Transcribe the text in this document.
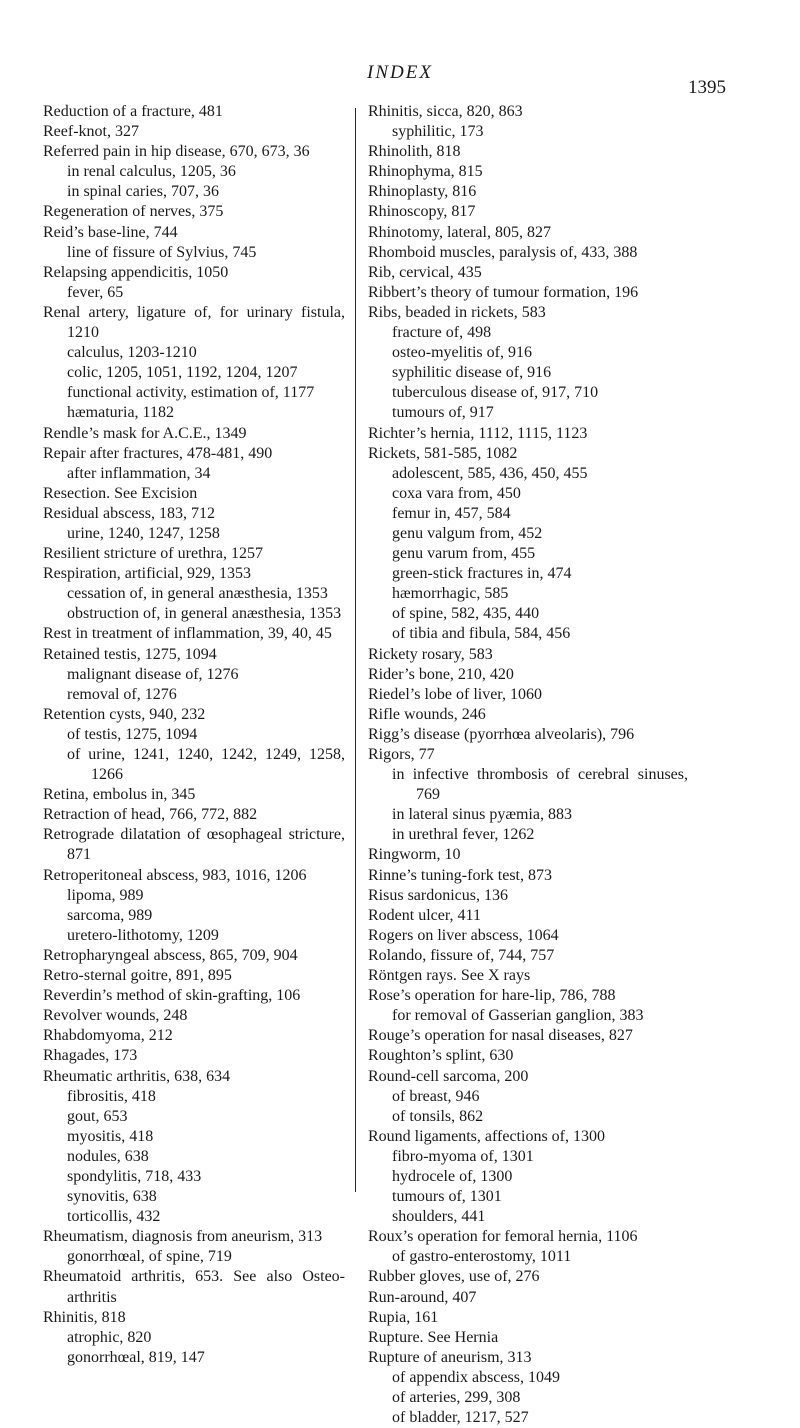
INDEX
1395
Reduction of a fracture, 481
Reef-knot, 327
Referred pain in hip disease, 670, 673, 36
in renal calculus, 1205, 36
in spinal caries, 707, 36
Regeneration of nerves, 375
Reid’s base-line, 744
line of fissure of Sylvius, 745
Relapsing appendicitis, 1050
fever, 65
Renal artery, ligature of, for urinary fistula, 1210
calculus, 1203-1210
colic, 1205, 1051, 1192, 1204, 1207
functional activity, estimation of, 1177
hæmaturia, 1182
Rendle’s mask for A.C.E., 1349
Repair after fractures, 478-481, 490
after inflammation, 34
Resection. See Excision
Residual abscess, 183, 712
urine, 1240, 1247, 1258
Resilient stricture of urethra, 1257
Respiration, artificial, 929, 1353
cessation of, in general anæsthesia, 1353
obstruction of, in general anæsthesia, 1353
Rest in treatment of inflammation, 39, 40, 45
Retained testis, 1275, 1094
malignant disease of, 1276
removal of, 1276
Retention cysts, 940, 232
of testis, 1275, 1094
of urine, 1241, 1240, 1242, 1249, 1258, 1266
Retina, embolus in, 345
Retraction of head, 766, 772, 882
Retrograde dilatation of œsophageal stricture, 871
Retroperitoneal abscess, 983, 1016, 1206
lipoma, 989
sarcoma, 989
uretero-lithotomy, 1209
Retropharyngeal abscess, 865, 709, 904
Retro-sternal goitre, 891, 895
Reverdin’s method of skin-grafting, 106
Revolver wounds, 248
Rhabdomyoma, 212
Rhagades, 173
Rheumatic arthritis, 638, 634
fibrositis, 418
gout, 653
myositis, 418
nodules, 638
spondylitis, 718, 433
synovitis, 638
torticollis, 432
Rheumatism, diagnosis from aneurism, 313
gonorrhœal, of spine, 719
Rheumatoid arthritis, 653. See also Osteo-arthritis
Rhinitis, 818
atrophic, 820
gonorrhœal, 819, 147
Rhinitis, sicca, 820, 863
syphilitic, 173
Rhinolith, 818
Rhinophyma, 815
Rhinoplasty, 816
Rhinoscopy, 817
Rhinotomy, lateral, 805, 827
Rhomboid muscles, paralysis of, 433, 388
Rib, cervical, 435
Ribbert’s theory of tumour formation, 196
Ribs, beaded in rickets, 583
fracture of, 498
osteo-myelitis of, 916
syphilitic disease of, 916
tuberculous disease of, 917, 710
tumours of, 917
Richter’s hernia, 1112, 1115, 1123
Rickets, 581-585, 1082
adolescent, 585, 436, 450, 455
coxa vara from, 450
femur in, 457, 584
genu valgum from, 452
genu varum from, 455
green-stick fractures in, 474
hæmorrhagic, 585
of spine, 582, 435, 440
of tibia and fibula, 584, 456
Rickety rosary, 583
Rider’s bone, 210, 420
Riedel’s lobe of liver, 1060
Rifle wounds, 246
Rigg’s disease (pyorrhœa alveolaris), 796
Rigors, 77
in infective thrombosis of cerebral sinuses, 769
in lateral sinus pyæmia, 883
in urethral fever, 1262
Ringworm, 10
Rinne’s tuning-fork test, 873
Risus sardonicus, 136
Rodent ulcer, 411
Rogers on liver abscess, 1064
Rolando, fissure of, 744, 757
Röntgen rays. See X rays
Rose’s operation for hare-lip, 786, 788
for removal of Gasserian ganglion, 383
Rouge’s operation for nasal diseases, 827
Roughton’s splint, 630
Round-cell sarcoma, 200
of breast, 946
of tonsils, 862
Round ligaments, affections of, 1300
fibro-myoma of, 1301
hydrocele of, 1300
tumours of, 1301
shoulders, 441
Roux’s operation for femoral hernia, 1106
of gastro-enterostomy, 1011
Rubber gloves, use of, 276
Run-around, 407
Rupia, 161
Rupture. See Hernia
Rupture of aneurism, 313
of appendix abscess, 1049
of arteries, 299, 308
of bladder, 1217, 527
